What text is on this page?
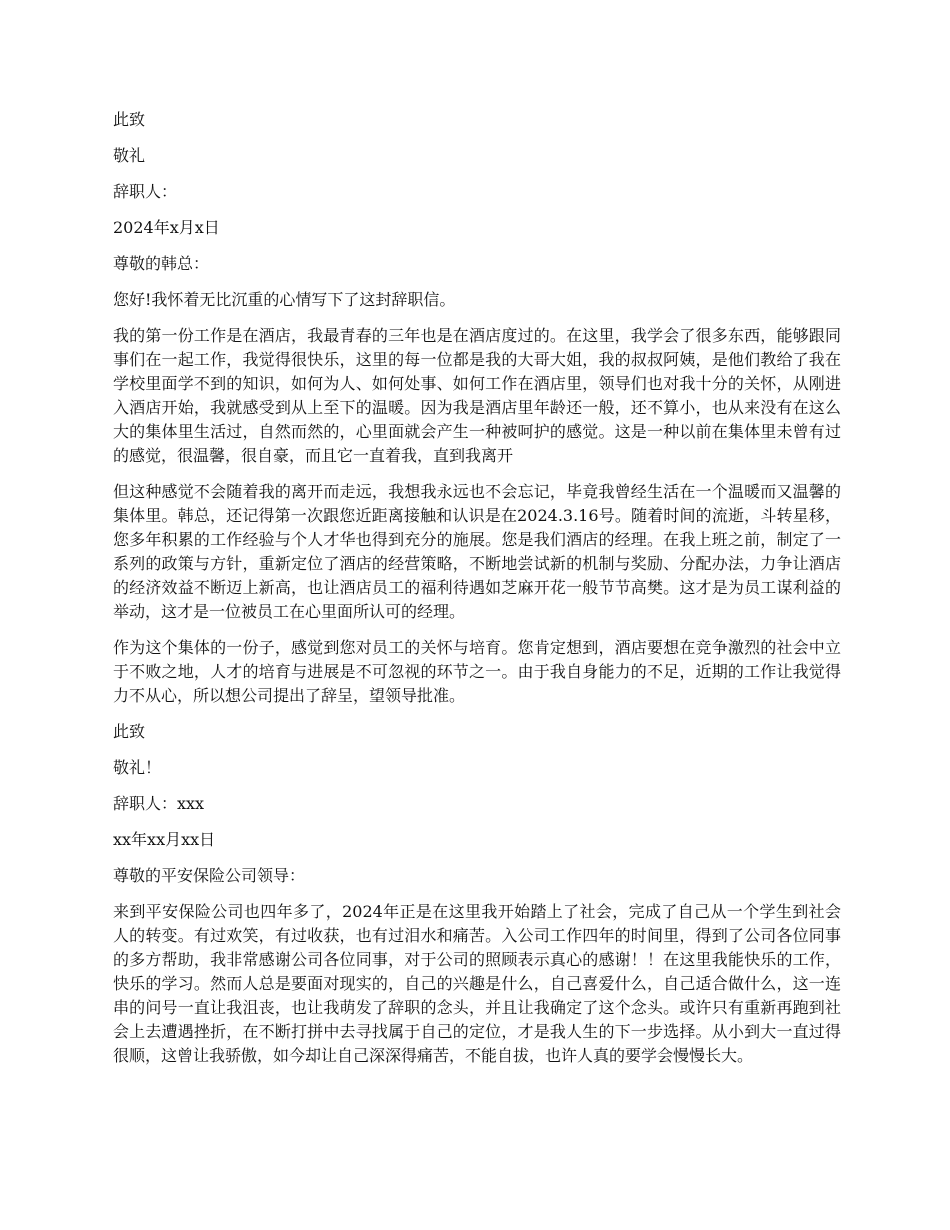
此致

敬礼

辞职人：

2024年x月x日

尊敬的韩总：

您好!我怀着无比沉重的心情写下了这封辞职信。

我的第一份工作是在酒店，我最青春的三年也是在酒店度过的。在这里，我学会了很多东西，能够跟同事们在一起工作，我觉得很快乐，这里的每一位都是我的大哥大姐，我的叔叔阿姨，是他们教给了我在学校里面学不到的知识，如何为人、如何处事、如何工作在酒店里，领导们也对我十分的关怀，从刚进入酒店开始，我就感受到从上至下的温暖。因为我是酒店里年龄还一般，还不算小，也从来没有在这么大的集体里生活过，自然而然的，心里面就会产生一种被呵护的感觉。这是一种以前在集体里未曾有过的感觉，很温馨，很自豪，而且它一直着我，直到我离开

但这种感觉不会随着我的离开而走远，我想我永远也不会忘记，毕竟我曾经生活在一个温暖而又温馨的集体里。韩总，还记得第一次跟您近距离接触和认识是在2024.3.16号。随着时间的流逝，斗转星移，您多年积累的工作经验与个人才华也得到充分的施展。您是我们酒店的经理。在我上班之前，制定了一系列的政策与方针，重新定位了酒店的经营策略，不断地尝试新的机制与奖励、分配办法，力争让酒店的经济效益不断迈上新高，也让酒店员工的福利待遇如芝麻开花一般节节高樊。这才是为员工谋利益的举动，这才是一位被员工在心里面所认可的经理。

作为这个集体的一份子，感觉到您对员工的关怀与培育。您肯定想到，酒店要想在竞争激烈的社会中立于不败之地，人才的培育与进展是不可忽视的环节之一。由于我自身能力的不足，近期的工作让我觉得力不从心，所以想公司提出了辞呈，望领导批准。

此致

敬礼！

辞职人：xxx

xx年xx月xx日

尊敬的平安保险公司领导：

来到平安保险公司也四年多了，2024年正是在这里我开始踏上了社会，完成了自己从一个学生到社会人的转变。有过欢笑，有过收获，也有过泪水和痛苦。入公司工作四年的时间里，得到了公司各位同事的多方帮助，我非常感谢公司各位同事，对于公司的照顾表示真心的感谢！！在这里我能快乐的工作，快乐的学习。然而人总是要面对现实的，自己的兴趣是什么，自己喜爱什么，自己适合做什么，这一连串的问号一直让我沮丧，也让我萌发了辞职的念头，并且让我确定了这个念头。或许只有重新再跑到社会上去遭遇挫折，在不断打拼中去寻找属于自己的定位，才是我人生的下一步选择。从小到大一直过得很顺，这曾让我骄傲，如今却让自己深深得痛苦，不能自拔，也许人真的要学会慢慢长大。
